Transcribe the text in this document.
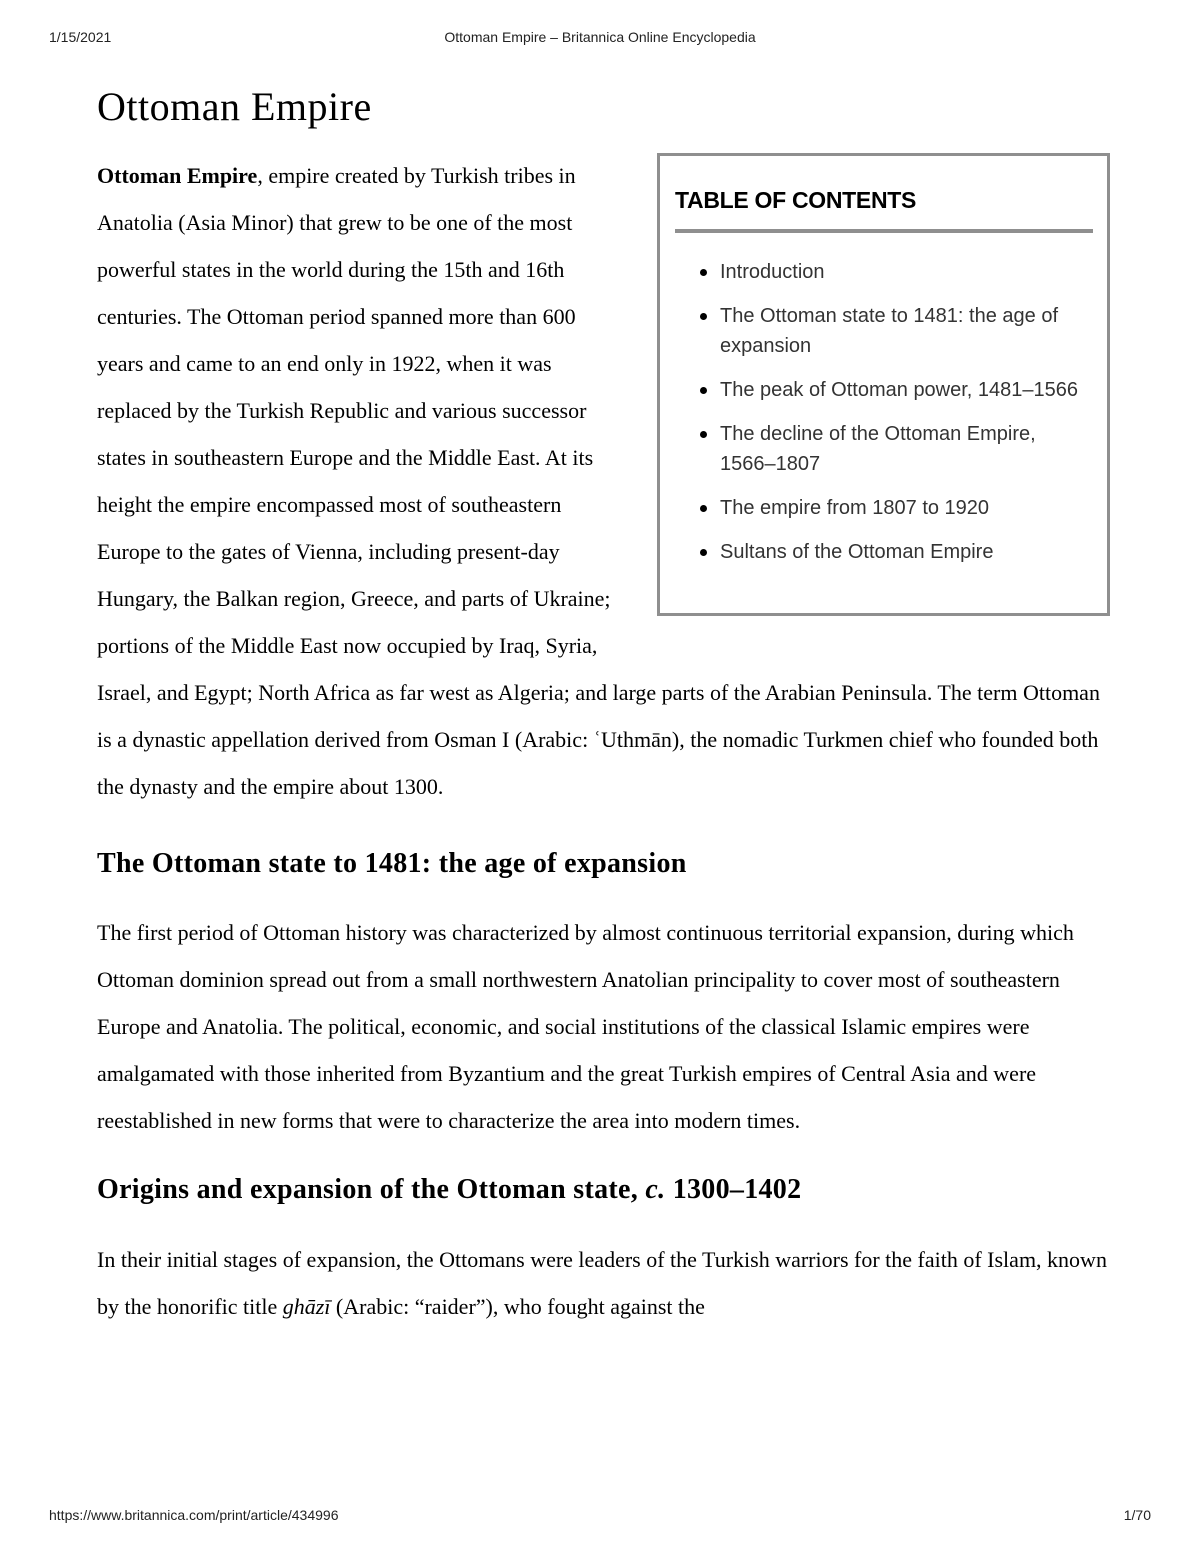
Ottoman Empire – Britannica Online Encyclopedia
1/15/2021
Ottoman Empire
TABLE OF CONTENTS
Introduction
The Ottoman state to 1481: the age of expansion
The peak of Ottoman power, 1481–1566
The decline of the Ottoman Empire, 1566–1807
The empire from 1807 to 1920
Sultans of the Ottoman Empire

Ottoman Empire, empire created by Turkish tribes in Anatolia (Asia Minor) that grew to be one of the most powerful states in the world during the 15th and 16th centuries. The Ottoman period spanned more than 600 years and came to an end only in 1922, when it was replaced by the Turkish Republic and various successor states in southeastern Europe and the Middle East. At its height the empire encompassed most of southeastern Europe to the gates of Vienna, including present-day Hungary, the Balkan region, Greece, and parts of Ukraine; portions of the Middle East now occupied by Iraq, Syria, Israel, and Egypt; North Africa as far west as Algeria; and large parts of the Arabian Peninsula. The term Ottoman is a dynastic appellation derived from Osman I (Arabic: ʿUthmān), the nomadic Turkmen chief who founded both the dynasty and the empire about 1300.

The Ottoman state to 1481: the age of expansion

The first period of Ottoman history was characterized by almost continuous territorial expansion, during which Ottoman dominion spread out from a small northwestern Anatolian principality to cover most of southeastern Europe and Anatolia. The political, economic, and social institutions of the classical Islamic empires were amalgamated with those inherited from Byzantium and the great Turkish empires of Central Asia and were reestablished in new forms that were to characterize the area into modern times.

Origins and expansion of the Ottoman state, c. 1300–1402

In their initial stages of expansion, the Ottomans were leaders of the Turkish warriors for the faith of Islam, known by the honorific title ghāzī (Arabic: “raider”), who fought against the

https://www.britannica.com/print/article/434996	1/70
